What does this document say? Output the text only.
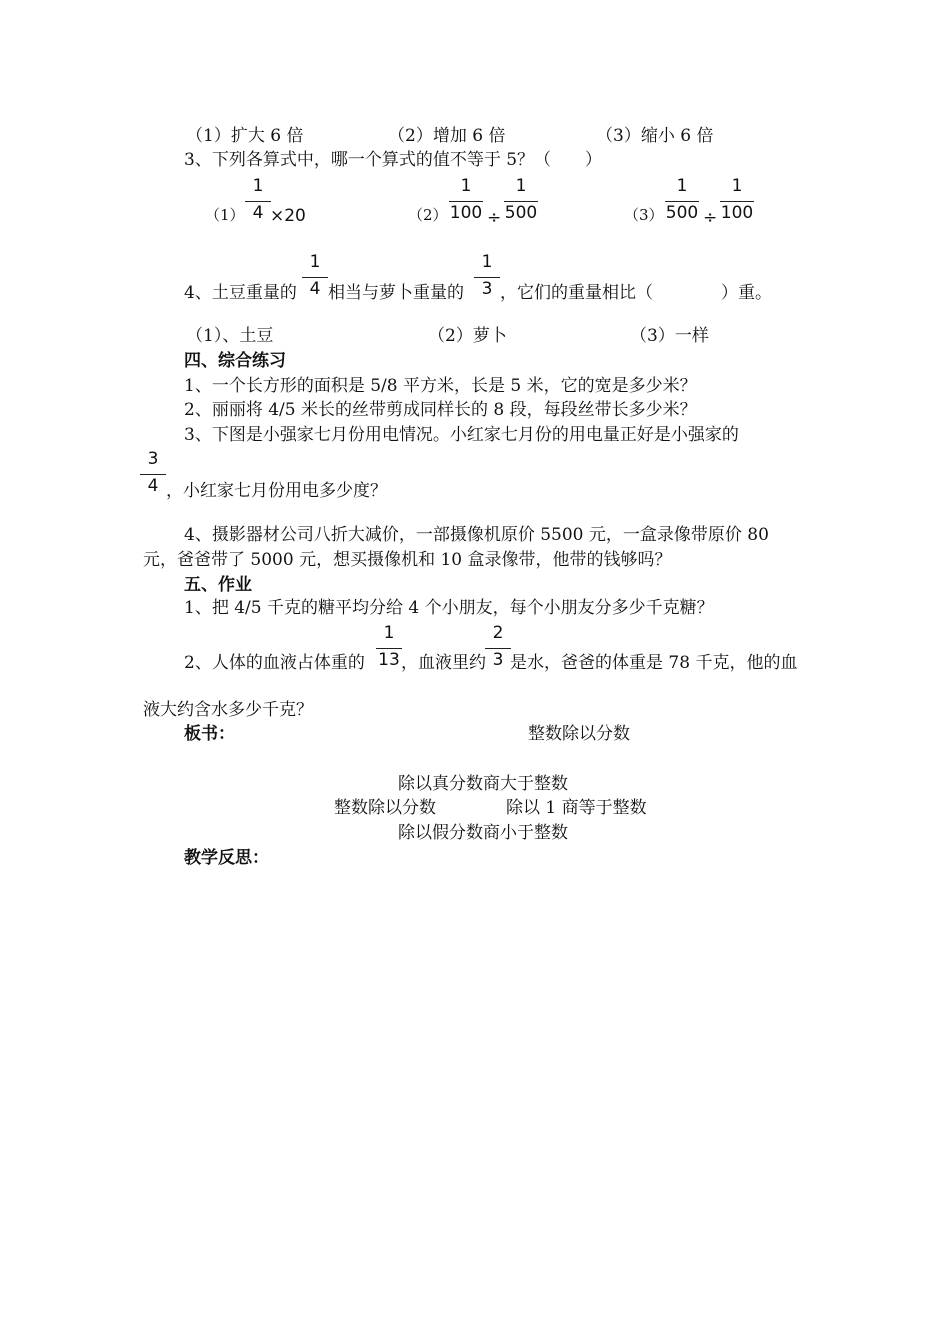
（1）扩大 6 倍	（2）增加 6 倍	（3）缩小 6 倍
3、下列各算式中，哪一个算式的值不等于 5？（　　）
$(1) \frac{1}{4} \times 20$	$(2) \frac{1}{100} \div \frac{1}{500}$	$(3) \frac{1}{500} \div \frac{1}{100}$
4、土豆重量的 $\frac{1}{4}$ 相当与萝卜重量的 $\frac{1}{3}$ ，它们的重量相比（　　　　）重。
（1）、土豆	（2）萝卜	（3）一样
四、综合练习
1、一个长方形的面积是 5/8 平方米，长是 5 米，它的宽是多少米？
2、丽丽将 4/5 米长的丝带剪成同样长的 8 段，每段丝带长多少米？
3、下图是小强家七月份用电情况。小红家七月份的用电量正好是小强家的
$\frac{3}{4}$ ，小红家七月份用电多少度？
4、摄影器材公司八折大减价，一部摄像机原价 5500 元，一盒录像带原价 80
元，爸爸带了 5000 元，想买摄像机和 10 盒录像带，他带的钱够吗？
五、作业
1、把 4/5 千克的糖平均分给 4 个小朋友，每个小朋友分多少千克糖？
2、人体的血液占体重的 $\frac{1}{13}$ ，血液里约 $\frac{2}{3}$ 是水，爸爸的体重是 78 千克，他的血
液大约含水多少千克？
板书：	整数除以分数
除以真分数商大于整数
整数除以分数	除以 1 商等于整数
除以假分数商小于整数
教学反思：
